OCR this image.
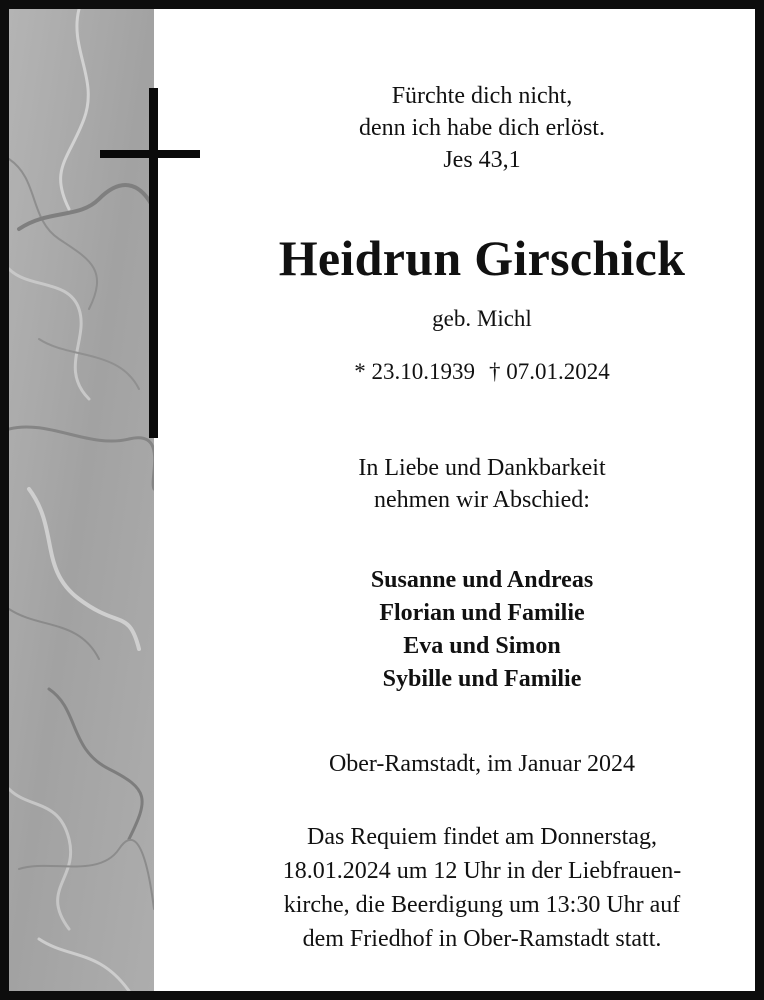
Fürchte dich nicht,
denn ich habe dich erlöst.
Jes 43,1
Heidrun Girschick
geb. Michl
* 23.10.1939 † 07.01.2024
In Liebe und Dankbarkeit
nehmen wir Abschied:
Susanne und Andreas
Florian und Familie
Eva und Simon
Sybille und Familie
Ober-Ramstadt, im Januar 2024
Das Requiem findet am Donnerstag,
18.01.2024 um 12 Uhr in der Liebfrauen-
kirche, die Beerdigung um 13:30 Uhr auf
dem Friedhof in Ober-Ramstadt statt.
